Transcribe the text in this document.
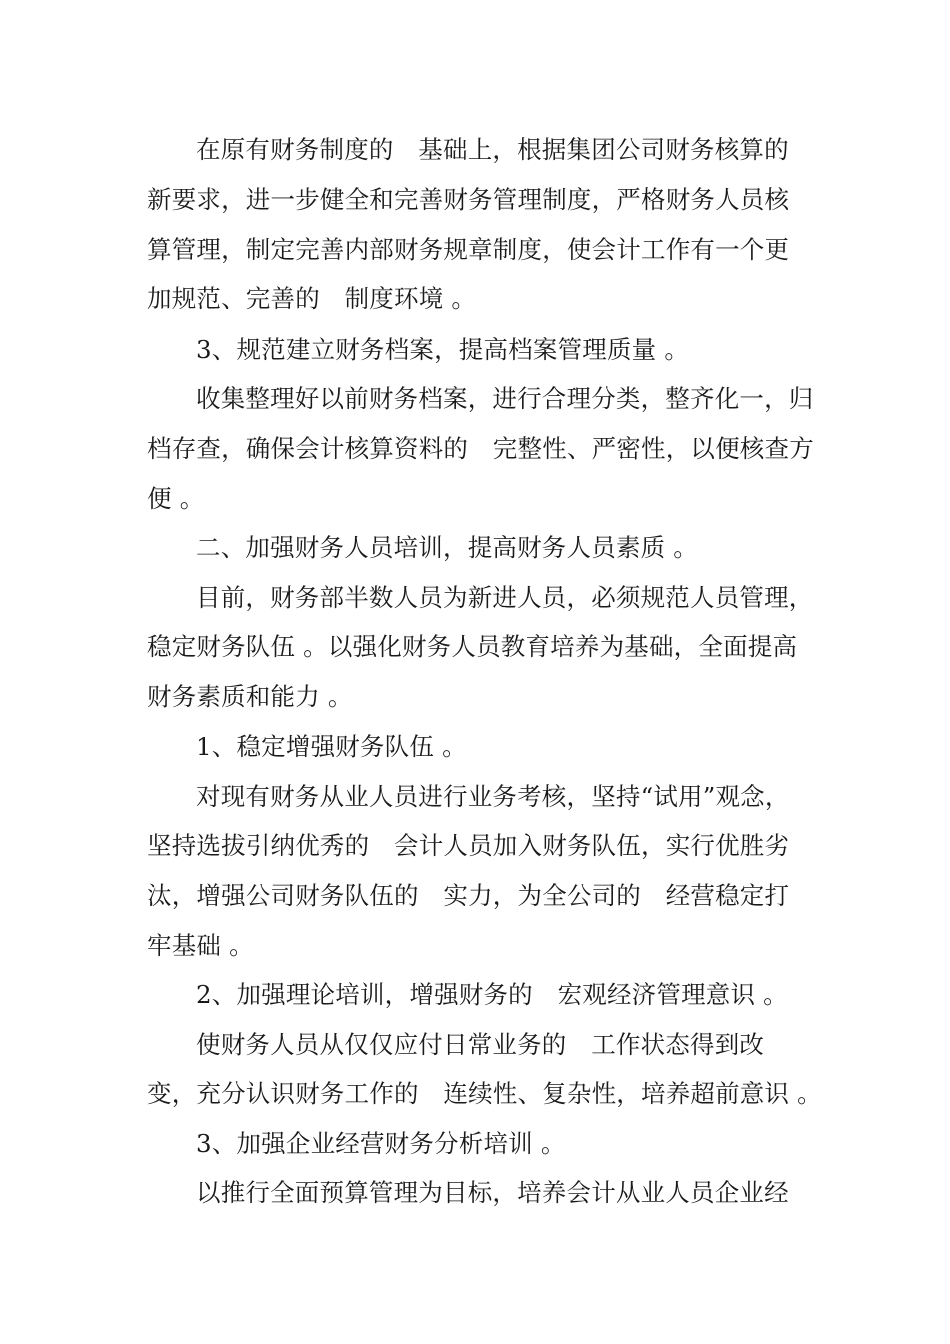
在原有财务制度的　基础上，根据集团公司财务核算的
新要求，进一步健全和完善财务管理制度，严格财务人员核
算管理，制定完善内部财务规章制度，使会计工作有一个更
加规范、完善的　制度环境 。
3、规范建立财务档案，提高档案管理质量 。
收集整理好以前财务档案，进行合理分类，整齐化一，归
档存查，确保会计核算资料的　完整性、严密性，以便核查方
便 。
二、加强财务人员培训，提高财务人员素质 。
目前，财务部半数人员为新进人员，必须规范人员管理，
稳定财务队伍 。以强化财务人员教育培养为基础，全面提高
财务素质和能力 。
1、稳定增强财务队伍 。
对现有财务从业人员进行业务考核，坚持“试用”观念，
坚持选拔引纳优秀的　会计人员加入财务队伍，实行优胜劣
汰，增强公司财务队伍的　实力，为全公司的　经营稳定打
牢基础 。
2、加强理论培训，增强财务的　宏观经济管理意识 。
使财务人员从仅仅应付日常业务的　工作状态得到改
变，充分认识财务工作的　连续性、复杂性，培养超前意识 。
3、加强企业经营财务分析培训 。
以推行全面预算管理为目标，培养会计从业人员企业经
